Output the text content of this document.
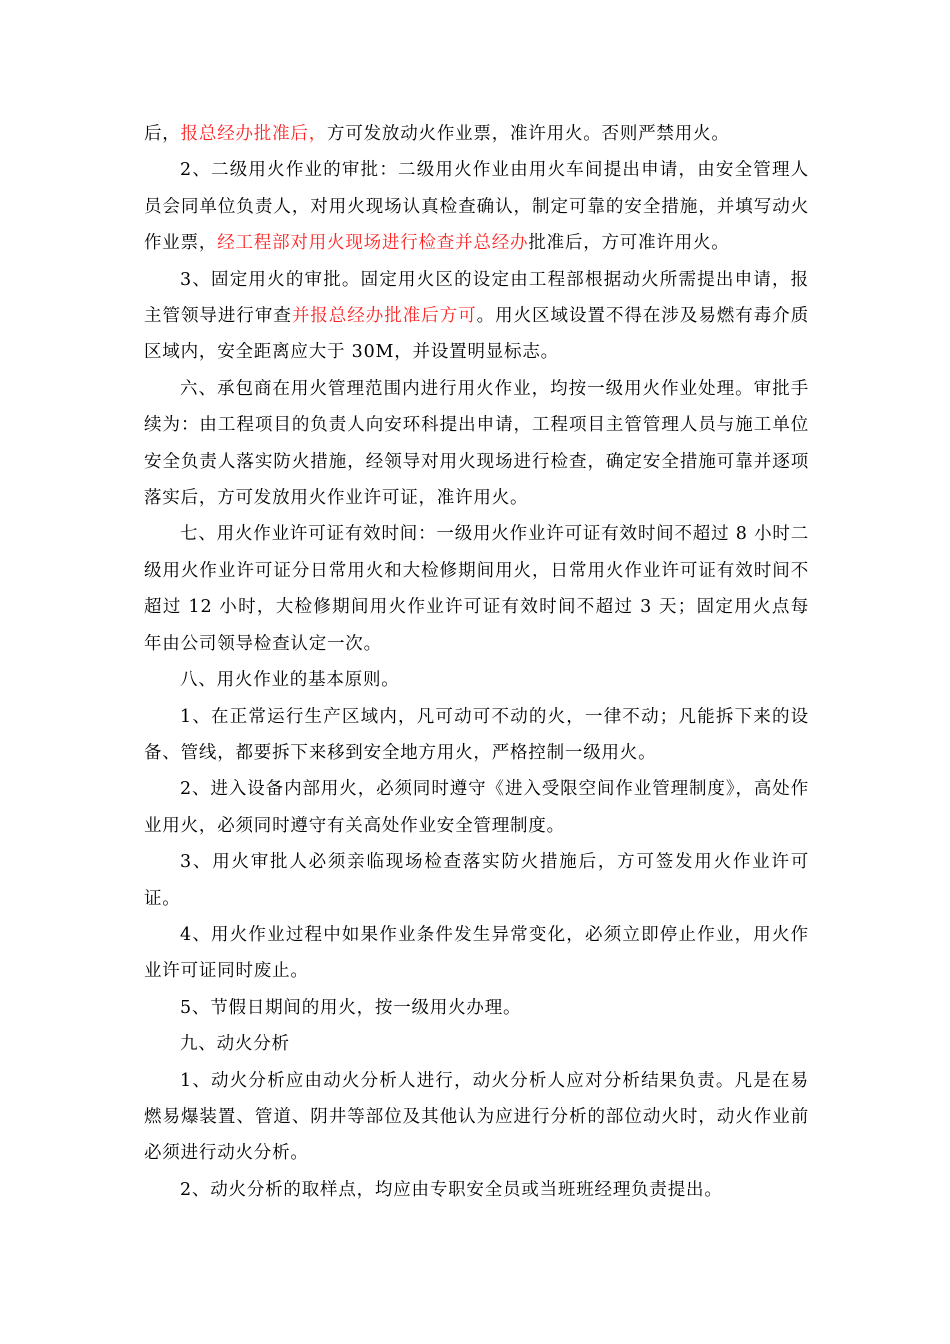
后，报总经办批准后，方可发放动火作业票，准许用火。否则严禁用火。

2、二级用火作业的审批：二级用火作业由用火车间提出申请，由安全管理人员会同单位负责人，对用火现场认真检查确认，制定可靠的安全措施，并填写动火作业票，经工程部对用火现场进行检查并总经办批准后，方可准许用火。

3、固定用火的审批。固定用火区的设定由工程部根据动火所需提出申请，报主管领导进行审查并报总经办批准后方可。用火区域设置不得在涉及易燃有毒介质区域内，安全距离应大于 30M，并设置明显标志。

六、承包商在用火管理范围内进行用火作业，均按一级用火作业处理。审批手续为：由工程项目的负责人向安环科提出申请，工程项目主管管理人员与施工单位安全负责人落实防火措施，经领导对用火现场进行检查，确定安全措施可靠并逐项落实后，方可发放用火作业许可证，准许用火。

七、用火作业许可证有效时间：一级用火作业许可证有效时间不超过 8 小时二级用火作业许可证分日常用火和大检修期间用火，日常用火作业许可证有效时间不超过 12 小时，大检修期间用火作业许可证有效时间不超过 3 天；固定用火点每年由公司领导检查认定一次。

八、用火作业的基本原则。

1、在正常运行生产区域内，凡可动可不动的火，一律不动；凡能拆下来的设备、管线，都要拆下来移到安全地方用火，严格控制一级用火。

2、进入设备内部用火，必须同时遵守《进入受限空间作业管理制度》，高处作业用火，必须同时遵守有关高处作业安全管理制度。

3、用火审批人必须亲临现场检查落实防火措施后，方可签发用火作业许可证。

4、用火作业过程中如果作业条件发生异常变化，必须立即停止作业，用火作业许可证同时废止。

5、节假日期间的用火，按一级用火办理。

九、动火分析

1、动火分析应由动火分析人进行，动火分析人应对分析结果负责。凡是在易燃易爆装置、管道、阴井等部位及其他认为应进行分析的部位动火时，动火作业前必须进行动火分析。

2、动火分析的取样点，均应由专职安全员或当班班经理负责提出。
